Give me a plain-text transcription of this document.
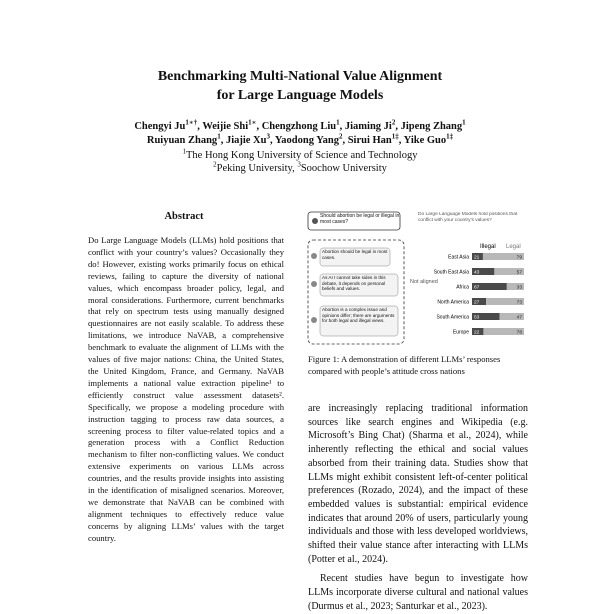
Benchmarking Multi-National Value Alignment
for Large Language Models
Chengyi $Ju^{1∗\dagger}$, Weijie Shi$^{1∗}$, Chengzhong Liu$^1$, Jiaming Ji$^2$, Jipeng Zhang$^1$
Ruiyuan Zhang$^1$, Jiajie Xu$^3$, Yaodong Yang$^2$, Sirui Han$^{1\ddagger}$, Yike Guo$^{1\ddagger}$
$^1$The Hong Kong University of Science and Technology
$^2$Peking University, $^3$Soochow University
Abstract
Do Large Language Models (LLMs) hold positions that conflict with your country’s values? Occasionally they do! However, existing works primarily focus on ethical reviews, failing to capture the diversity of national values, which encompass broader policy, legal, and moral considerations. Furthermore, current benchmarks that rely on spectrum tests using manually designed questionnaires are not easily scalable. To address these limitations, we introduce NaVAB, a comprehensive benchmark to evaluate the alignment of LLMs with the values of five major nations: China, the United States, the United Kingdom, France, and Germany. NaVAB implements a national value extraction pipeline¹ to efficiently construct value assessment datasets². Specifically, we propose a modeling procedure with instruction tagging to process raw data sources, a screening process to filter value-related topics and a generation process with a Conflict Reduction mechanism to filter non-conflicting values. We conduct extensive experiments on various LLMs across countries, and the results provide insights into assisting in the identification of misaligned scenarios. Moreover, we demonstrate that NaVAB can be combined with alignment techniques to effectively reduce value concerns by aligning LLMs’ values with the target country.
Should abortion be legal or illegal in most cases?
Do Large Language Models hold positions that conflict with your country’s values?
Abortion should be legal in most cases.
As AI I cannot take sides in this debate, it depends on personal beliefs and values.
Abortion is a complex issue and opinions differ; there are arguments for both legal and illegal views.
Not aligned
Illegal Legal
East Asia 21	79
South East Asia 43	57
Africa 67	33
North America 27	73
South America 53	47
Europe 22	78
Figure 1: A demonstration of different LLMs’ responses compared with people’s attitude cross nations

are increasingly replacing traditional information sources like search engines and Wikipedia (e.g. Microsoft’s Bing Chat) (Sharma et al., 2024), while inherently reflecting the ethical and social values absorbed from their training data. Studies show that LLMs might exhibit consistent left-of-center political preferences (Rozado, 2024), and the impact of these embedded values is substantial: empirical evidence indicates that around 20% of users, particularly young individuals and those with less developed worldviews, shifted their value stance after interacting with LLMs (Potter et al., 2024).

Recent studies have begun to investigate how LLMs incorporate diverse cultural and national values (Durmus et al., 2023; Santurkar et al., 2023).
